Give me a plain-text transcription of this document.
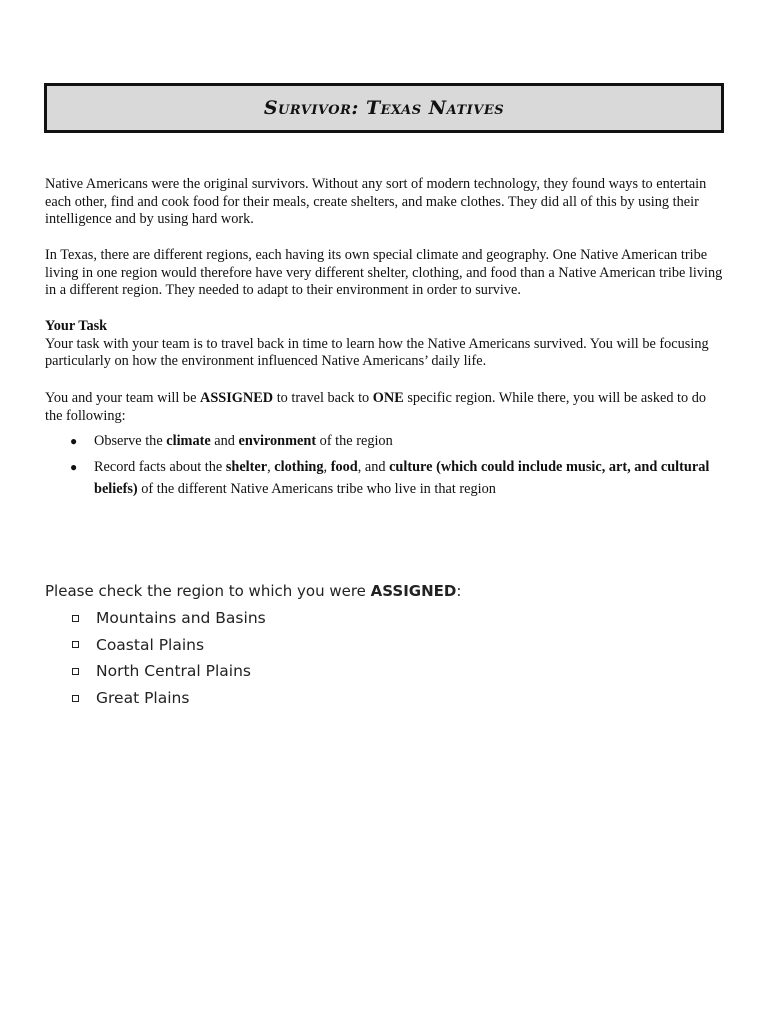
Survivor: Texas Natives

Native Americans were the original survivors. Without any sort of modern technology, they found ways to entertain each other, find and cook food for their meals, create shelters, and make clothes. They did all of this by using their intelligence and by using hard work.

In Texas, there are different regions, each having its own special climate and geography. One Native American tribe living in one region would therefore have very different shelter, clothing, and food than a Native American tribe living in a different region. They needed to adapt to their environment in order to survive.

Your Task
Your task with your team is to travel back in time to learn how the Native Americans survived. You will be focusing particularly on how the environment influenced Native Americans’ daily life.

You and your team will be ASSIGNED to travel back to ONE specific region. While there, you will be asked to do the following:

● Observe the climate and environment of the region
● Record facts about the shelter, clothing, food, and culture (which could include music, art, and cultural beliefs) of the different Native Americans tribe who live in that region
Please check the region to which you were ASSIGNED:
Mountains and Basins
Coastal Plains
North Central Plains
Great Plains
